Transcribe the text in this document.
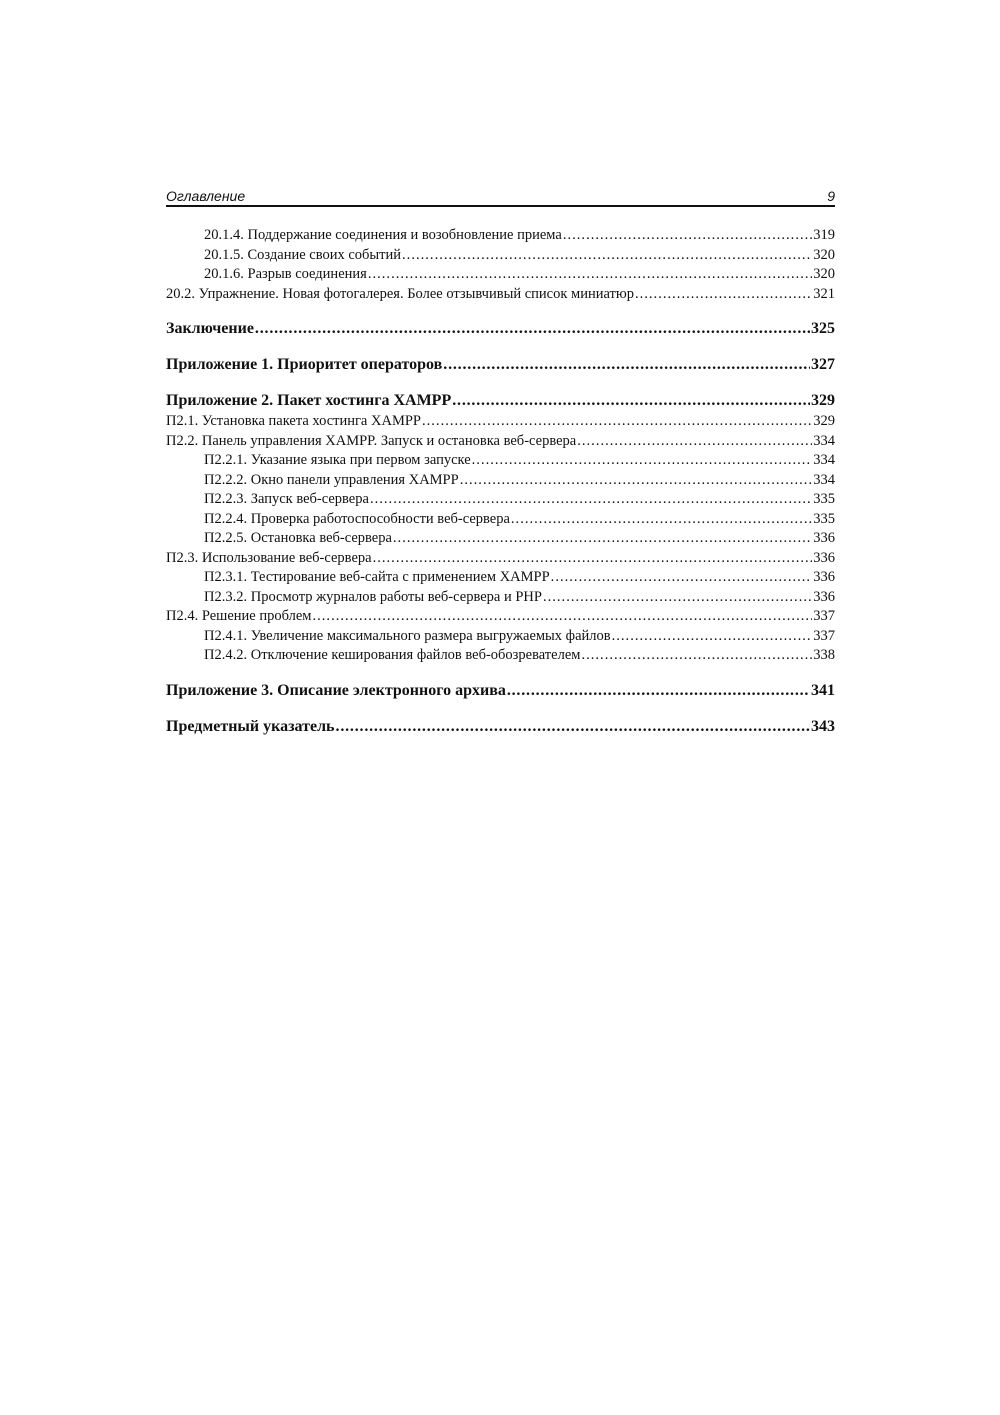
Оглавление	9
20.1.4. Поддержание соединения и возобновление приема . . .	319
20.1.5. Создание своих событий . . .	320
20.1.6. Разрыв соединения . . .	320
20.2. Упражнение. Новая фотогалерея. Более отзывчивый список миниатюр . . .	321
Заключение . . .	325
Приложение 1. Приоритет операторов . . .	327
Приложение 2. Пакет хостинга XAMPP . . .	329
П2.1. Установка пакета хостинга XAMPP . . .	329
П2.2. Панель управления XAMPP. Запуск и остановка веб-сервера . . .	334
П2.2.1. Указание языка при первом запуске . . .	334
П2.2.2. Окно панели управления XAMPP . . .	334
П2.2.3. Запуск веб-сервера . . .	335
П2.2.4. Проверка работоспособности веб-сервера . . .	335
П2.2.5. Остановка веб-сервера . . .	336
П2.3. Использование веб-сервера . . .	336
П2.3.1. Тестирование веб-сайта с применением XAMPP . . .	336
П2.3.2. Просмотр журналов работы веб-сервера и PHP . . .	336
П2.4. Решение проблем . . .	337
П2.4.1. Увеличение максимального размера выгружаемых файлов . . .	337
П2.4.2. Отключение кеширования файлов веб-обозревателем . . .	338
Приложение 3. Описание электронного архива . . .	341
Предметный указатель . . .	343
